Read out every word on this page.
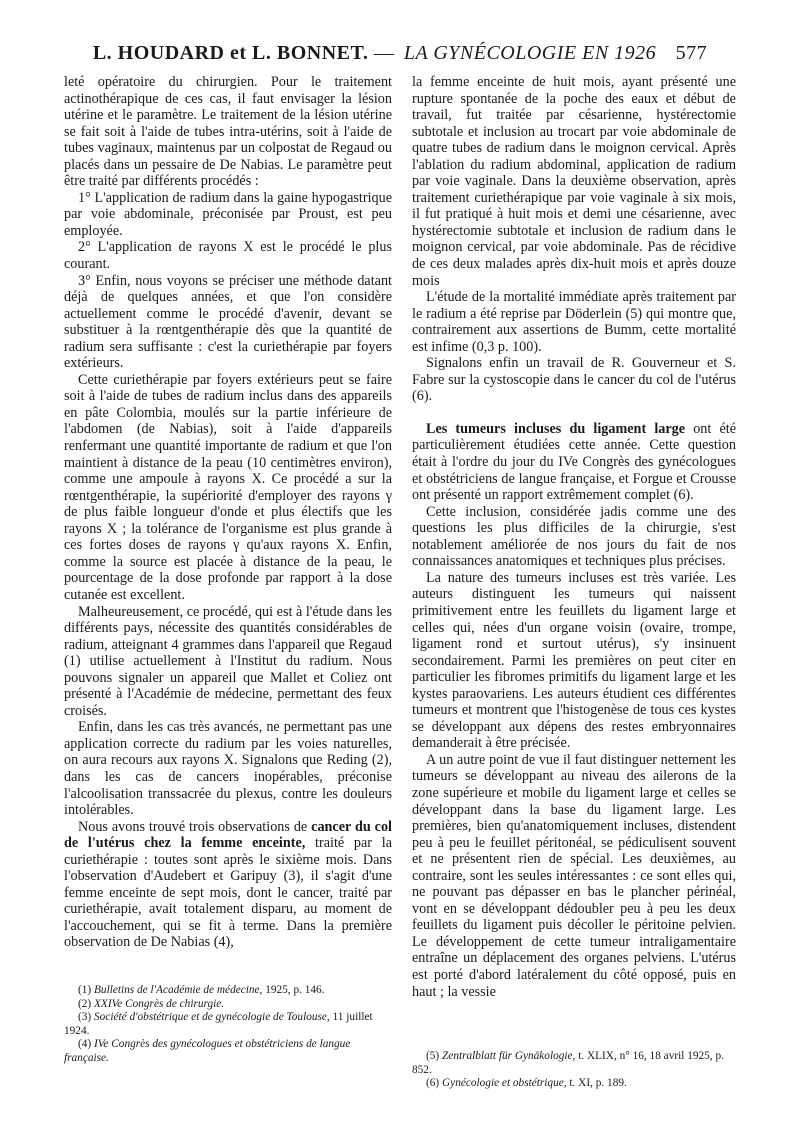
L. HOUDARD et L. BONNET. — LA GYNÉCOLOGIE EN 1926 577

leté opératoire du chirurgien. Pour le traitement actinothérapique de ces cas, il faut envisager la lésion utérine et le paramètre. Le traitement de la lésion utérine se fait soit à l'aide de tubes intra-utérins, soit à l'aide de tubes vaginaux, maintenus par un colpostat de Regaud ou placés dans un pessaire de De Nabias. Le paramètre peut être traité par différents procédés :

1° L'application de radium dans la gaine hypogastrique par voie abdominale, préconisée par Proust, est peu employée.

2° L'application de rayons X est le procédé le plus courant.

3° Enfin, nous voyons se préciser une méthode datant déjà de quelques années, et que l'on considère actuellement comme le procédé d'avenir, devant se substituer à la rœntgenthérapie dès que la quantité de radium sera suffisante : c'est la curiethérapie par foyers extérieurs.

Cette curiethérapie par foyers extérieurs peut se faire soit à l'aide de tubes de radium inclus dans des appareils en pâte Colombia, moulés sur la partie inférieure de l'abdomen (de Nabias), soit à l'aide d'appareils renfermant une quantité importante de radium et que l'on maintient à distance de la peau (10 centimètres environ), comme une ampoule à rayons X. Ce procédé a sur la rœntgenthérapie, la supériorité d'employer des rayons γ de plus faible longueur d'onde et plus électifs que les rayons X ; la tolérance de l'organisme est plus grande à ces fortes doses de rayons γ qu'aux rayons X. Enfin, comme la source est placée à distance de la peau, le pourcentage de la dose profonde par rapport à la dose cutanée est excellent.

Malheureusement, ce procédé, qui est à l'étude dans les différents pays, nécessite des quantités considérables de radium, atteignant 4 grammes dans l'appareil que Regaud (1) utilise actuellement à l'Institut du radium. Nous pouvons signaler un appareil que Mallet et Coliez ont présenté à l'Académie de médecine, permettant des feux croisés.

Enfin, dans les cas très avancés, ne permettant pas une application correcte du radium par les voies naturelles, on aura recours aux rayons X. Signalons que Reding (2), dans les cas de cancers inopérables, préconise l'alcoolisation transsacrée du plexus, contre les douleurs intolérables.

Nous avons trouvé trois observations de cancer du col de l'utérus chez la femme enceinte, traité par la curiethérapie : toutes sont après le sixième mois. Dans l'observation d'Audebert et Garipuy (3), il s'agit d'une femme enceinte de sept mois, dont le cancer, traité par curiethérapie, avait totalement disparu, au moment de l'accouchement, qui se fit à terme. Dans la première observation de De Nabias (4),

la femme enceinte de huit mois, ayant présenté une rupture spontanée de la poche des eaux et début de travail, fut traitée par césarienne, hystérectomie subtotale et inclusion au trocart par voie abdominale de quatre tubes de radium dans le moignon cervical. Après l'ablation du radium abdominal, application de radium par voie vaginale. Dans la deuxième observation, après traitement curiethérapique par voie vaginale à six mois, il fut pratiqué à huit mois et demi une césarienne, avec hystérectomie subtotale et inclusion de radium dans le moignon cervical, par voie abdominale. Pas de récidive de ces deux malades après dix-huit mois et après douze mois

L'étude de la mortalité immédiate après traitement par le radium a été reprise par Döderlein (5) qui montre que, contrairement aux assertions de Bumm, cette mortalité est infime (0,3 p. 100).

Signalons enfin un travail de R. Gouverneur et S. Fabre sur la cystoscopie dans le cancer du col de l'utérus (6).

Les tumeurs incluses du ligament large ont été particulièrement étudiées cette année. Cette question était à l'ordre du jour du IVe Congrès des gynécologues et obstétriciens de langue française, et Forgue et Crousse ont présenté un rapport extrêmement complet (6).

Cette inclusion, considérée jadis comme une des questions les plus difficiles de la chirurgie, s'est notablement améliorée de nos jours du fait de nos connaissances anatomiques et techniques plus précises.

La nature des tumeurs incluses est très variée. Les auteurs distinguent les tumeurs qui naissent primitivement entre les feuillets du ligament large et celles qui, nées d'un organe voisin (ovaire, trompe, ligament rond et surtout utérus), s'y insinuent secondairement. Parmi les premières on peut citer en particulier les fibromes primitifs du ligament large et les kystes paraovariens. Les auteurs étudient ces différentes tumeurs et montrent que l'histogenèse de tous ces kystes se développant aux dépens des restes embryonnaires demanderait à être précisée.

A un autre point de vue il faut distinguer nettement les tumeurs se développant au niveau des ailerons de la zone supérieure et mobile du ligament large et celles se développant dans la base du ligament large. Les premières, bien qu'anatomiquement incluses, distendent peu à peu le feuillet péritonéal, se pédiculisent souvent et ne présentent rien de spécial. Les deuxièmes, au contraire, sont les seules intéressantes : ce sont elles qui, ne pouvant pas dépasser en bas le plancher périnéal, vont en se développant dédoubler peu à peu les deux feuillets du ligament puis décoller le péritoine pelvien. Le développement de cette tumeur intraligamentaire entraîne un déplacement des organes pelviens. L'utérus est porté d'abord latéralement du côté opposé, puis en haut ; la vessie

(1) Bulletins de l'Académie de médecine, 1925, p. 146.
(2) XXIVe Congrès de chirurgie.
(3) Société d'obstétrique et de gynécologie de Toulouse, 11 juillet 1924.
(4) IVe Congrès des gynécologues et obstétriciens de langue française.	(5) Zentralblatt für Gynäkologie, t. XLIX, n° 16, 18 avril 1925, p. 852.
(6) Gynécologie et obstétrique, t. XI, p. 189.
